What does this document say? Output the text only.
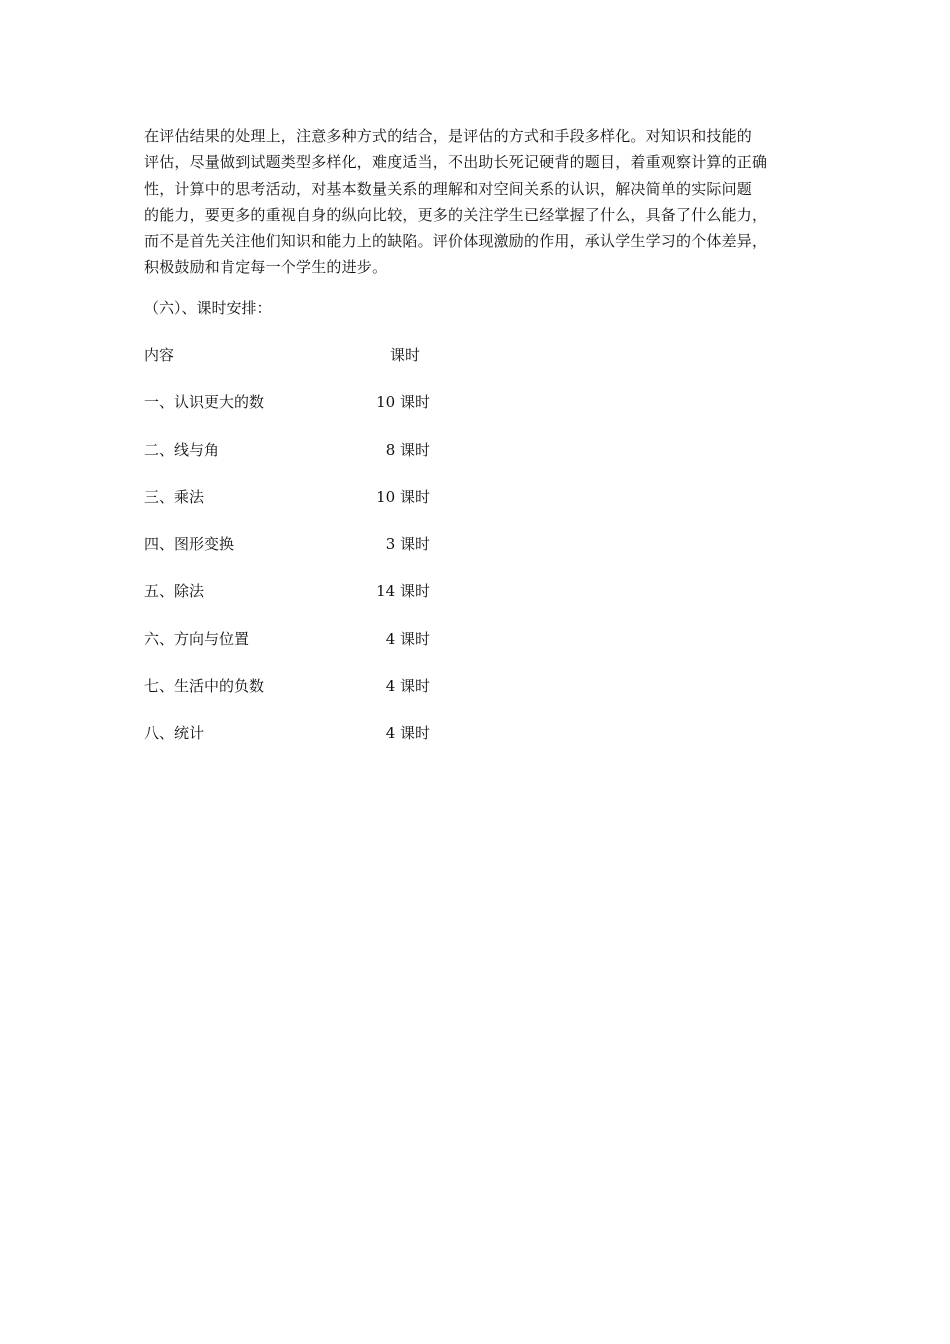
在评估结果的处理上，注意多种方式的结合，是评估的方式和手段多样化。对知识和技能的
评估，尽量做到试题类型多样化，难度适当，不出助长死记硬背的题目，着重观察计算的正确
性，计算中的思考活动，对基本数量关系的理解和对空间关系的认识，解决简单的实际问题
的能力，要更多的重视自身的纵向比较，更多的关注学生已经掌握了什么，具备了什么能力，
而不是首先关注他们知识和能力上的缺陷。评价体现激励的作用，承认学生学习的个体差异，
积极鼓励和肯定每一个学生的进步。
（六）、课时安排：
内容	课时
一、认识更大的数	10 课时
二、线与角	8 课时
三、乘法	10 课时
四、图形变换	3 课时
五、除法	14 课时
六、方向与位置	4 课时
七、生活中的负数	4 课时
八、统计	4 课时
